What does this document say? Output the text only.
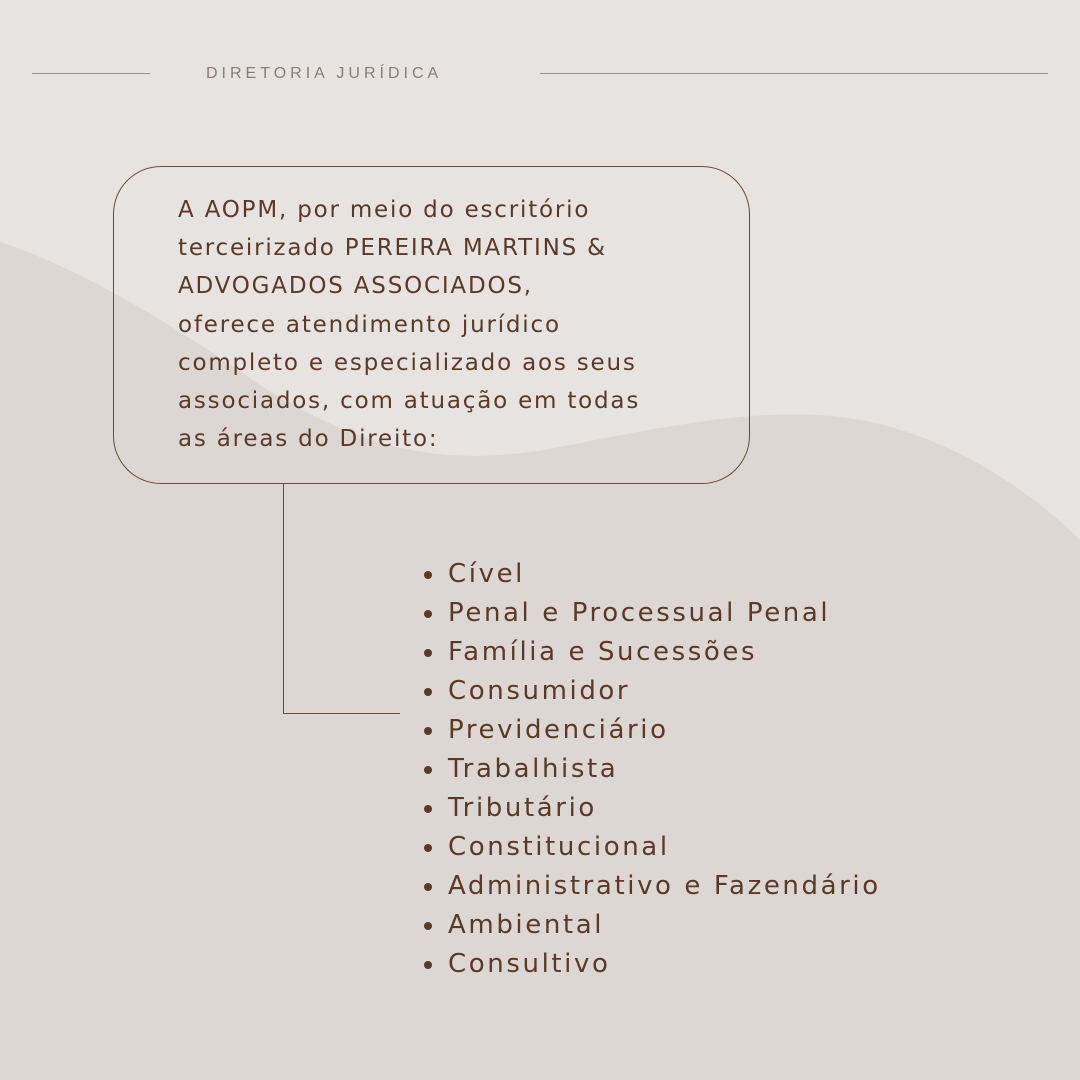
DIRETORIA JURÍDICA

A AOPM, por meio do escritório
terceirizado PEREIRA MARTINS &
ADVOGADOS ASSOCIADOS,
oferece atendimento jurídico
completo e especializado aos seus
associados, com atuação em todas
as áreas do Direito:

Cível
Penal e Processual Penal
Família e Sucessões
Consumidor
Previdenciário
Trabalhista
Tributário
Constitucional
Administrativo e Fazendário
Ambiental
Consultivo
